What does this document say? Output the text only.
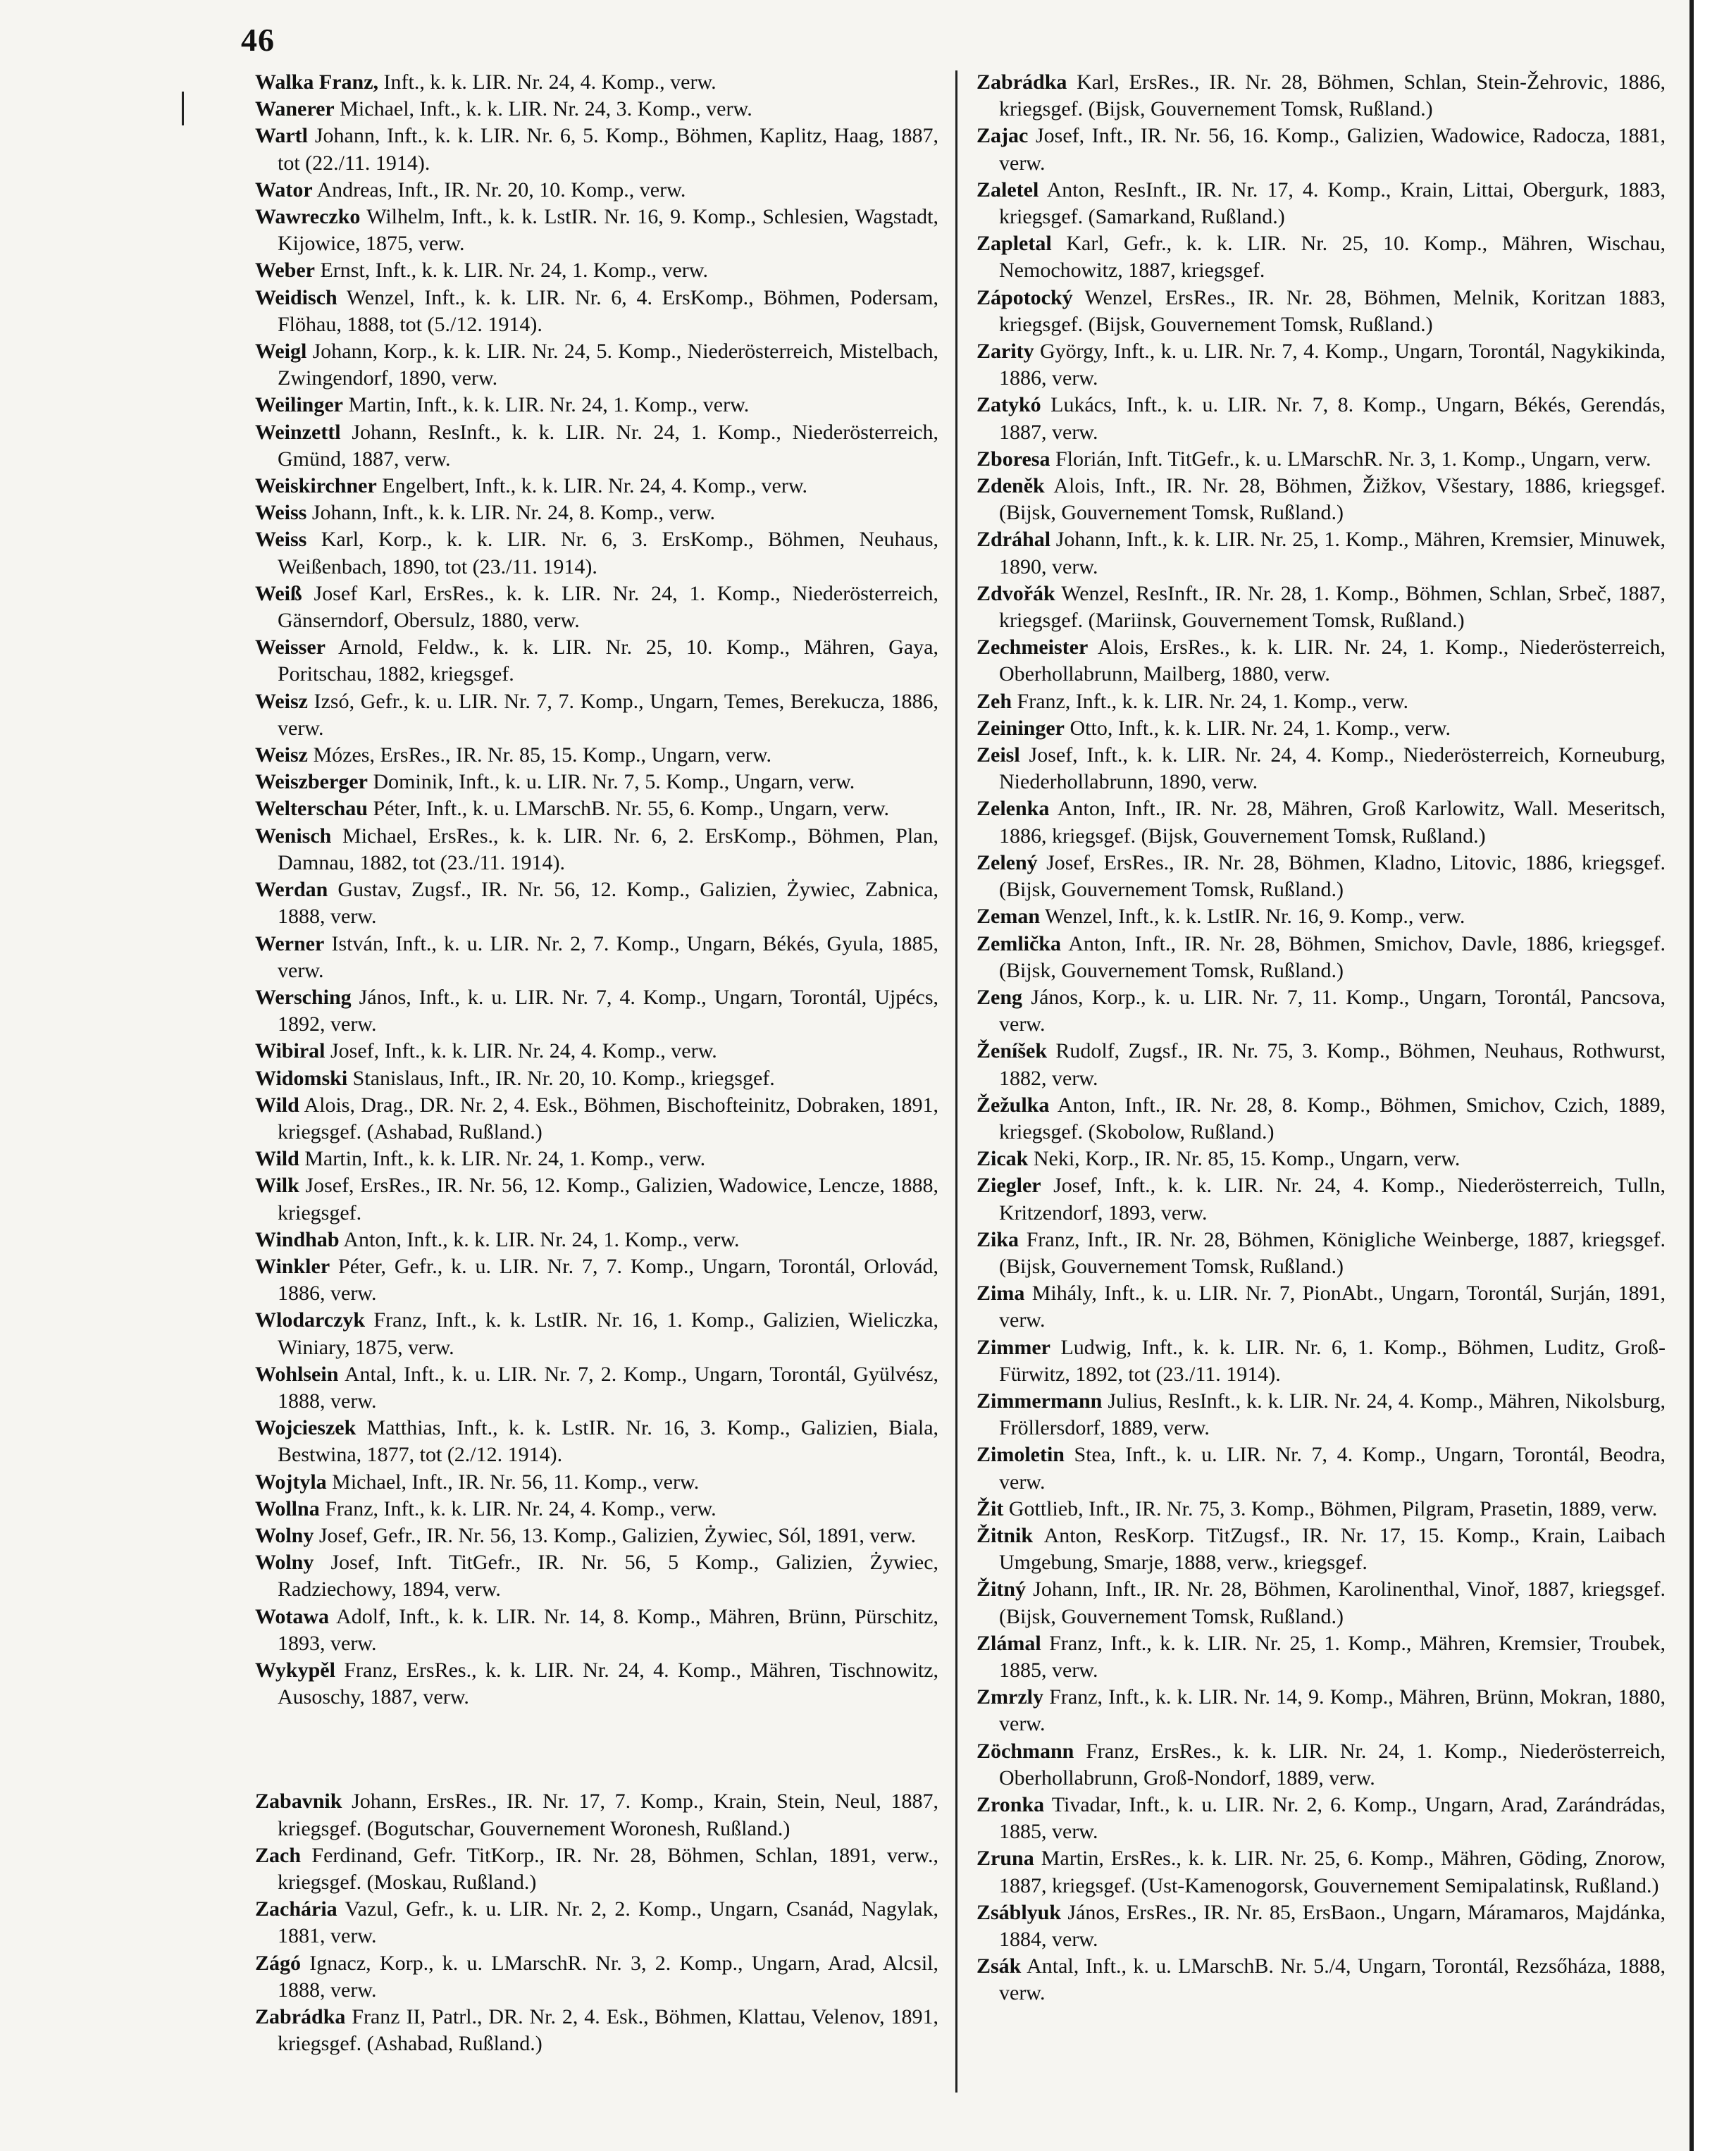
46

Walka Franz, Inft., k. k. LIR. Nr. 24, 4. Komp., verw.

Wanerer Michael, Inft., k. k. LIR. Nr. 24, 3. Komp., verw.

Wartl Johann, Inft., k. k. LIR. Nr. 6, 5. Komp., Böhmen, Kaplitz, Haag, 1887, tot (22./11. 1914).

Wator Andreas, Inft., IR. Nr. 20, 10. Komp., verw.

Wawreczko Wilhelm, Inft., k. k. LstIR. Nr. 16, 9. Komp., Schlesien, Wagstadt, Kijowice, 1875, verw.

Weber Ernst, Inft., k. k. LIR. Nr. 24, 1. Komp., verw.

Weidisch Wenzel, Inft., k. k. LIR. Nr. 6, 4. ErsKomp., Böhmen, Podersam, Flöhau, 1888, tot (5./12. 1914).

Weigl Johann, Korp., k. k. LIR. Nr. 24, 5. Komp., Niederösterreich, Mistelbach, Zwingendorf, 1890, verw.

Weilinger Martin, Inft., k. k. LIR. Nr. 24, 1. Komp., verw.

Weinzettl Johann, ResInft., k. k. LIR. Nr. 24, 1. Komp., Niederösterreich, Gmünd, 1887, verw.

Weiskirchner Engelbert, Inft., k. k. LIR. Nr. 24, 4. Komp., verw.

Weiss Johann, Inft., k. k. LIR. Nr. 24, 8. Komp., verw.

Weiss Karl, Korp., k. k. LIR. Nr. 6, 3. ErsKomp., Böhmen, Neuhaus, Weißenbach, 1890, tot (23./11. 1914).

Weiß Josef Karl, ErsRes., k. k. LIR. Nr. 24, 1. Komp., Niederösterreich, Gänserndorf, Obersulz, 1880, verw.

Weisser Arnold, Feldw., k. k. LIR. Nr. 25, 10. Komp., Mähren, Gaya, Poritschau, 1882, kriegsgef.

Weisz Izsó, Gefr., k. u. LIR. Nr. 7, 7. Komp., Ungarn, Temes, Berekucza, 1886, verw.

Weisz Mózes, ErsRes., IR. Nr. 85, 15. Komp., Ungarn, verw.

Weiszberger Dominik, Inft., k. u. LIR. Nr. 7, 5. Komp., Ungarn, verw.

Welterschau Péter, Inft., k. u. LMarschB. Nr. 55, 6. Komp., Ungarn, verw.

Wenisch Michael, ErsRes., k. k. LIR. Nr. 6, 2. ErsKomp., Böhmen, Plan, Damnau, 1882, tot (23./11. 1914).

Werdan Gustav, Zugsf., IR. Nr. 56, 12. Komp., Galizien, Żywiec, Zabnica, 1888, verw.

Werner István, Inft., k. u. LIR. Nr. 2, 7. Komp., Ungarn, Békés, Gyula, 1885, verw.

Wersching János, Inft., k. u. LIR. Nr. 7, 4. Komp., Ungarn, Torontál, Ujpécs, 1892, verw.

Wibiral Josef, Inft., k. k. LIR. Nr. 24, 4. Komp., verw.

Widomski Stanislaus, Inft., IR. Nr. 20, 10. Komp., kriegsgef.

Wild Alois, Drag., DR. Nr. 2, 4. Esk., Böhmen, Bischofteinitz, Dobraken, 1891, kriegsgef. (Ashabad, Rußland.)

Wild Martin, Inft., k. k. LIR. Nr. 24, 1. Komp., verw.

Wilk Josef, ErsRes., IR. Nr. 56, 12. Komp., Galizien, Wadowice, Lencze, 1888, kriegsgef.

Windhab Anton, Inft., k. k. LIR. Nr. 24, 1. Komp., verw.

Winkler Péter, Gefr., k. u. LIR. Nr. 7, 7. Komp., Ungarn, Torontál, Orlovád, 1886, verw.

Wlodarczyk Franz, Inft., k. k. LstIR. Nr. 16, 1. Komp., Galizien, Wieliczka, Winiary, 1875, verw.

Wohlsein Antal, Inft., k. u. LIR. Nr. 7, 2. Komp., Ungarn, Torontál, Gyülvész, 1888, verw.

Wojcieszek Matthias, Inft., k. k. LstIR. Nr. 16, 3. Komp., Galizien, Biala, Bestwina, 1877, tot (2./12. 1914).

Wojtyla Michael, Inft., IR. Nr. 56, 11. Komp., verw.

Wollna Franz, Inft., k. k. LIR. Nr. 24, 4. Komp., verw.

Wolny Josef, Gefr., IR. Nr. 56, 13. Komp., Galizien, Żywiec, Sól, 1891, verw.

Wolny Josef, Inft. TitGefr., IR. Nr. 56, 5 Komp., Galizien, Żywiec, Radziechowy, 1894, verw.

Wotawa Adolf, Inft., k. k. LIR. Nr. 14, 8. Komp., Mähren, Brünn, Pürschitz, 1893, verw.

Wykypěl Franz, ErsRes., k. k. LIR. Nr. 24, 4. Komp., Mähren, Tischnowitz, Ausoschy, 1887, verw.

Zabavnik Johann, ErsRes., IR. Nr. 17, 7. Komp., Krain, Stein, Neul, 1887, kriegsgef. (Bogutschar, Gouvernement Woronesh, Rußland.)

Zach Ferdinand, Gefr. TitKorp., IR. Nr. 28, Böhmen, Schlan, 1891, verw., kriegsgef. (Moskau, Rußland.)

Zachária Vazul, Gefr., k. u. LIR. Nr. 2, 2. Komp., Ungarn, Csanád, Nagylak, 1881, verw.

Zágó Ignacz, Korp., k. u. LMarschR. Nr. 3, 2. Komp., Ungarn, Arad, Alcsil, 1888, verw.

Zabrádka Franz II, Patrl., DR. Nr. 2, 4. Esk., Böhmen, Klattau, Velenov, 1891, kriegsgef. (Ashabad, Rußland.)

Zabrádka Karl, ErsRes., IR. Nr. 28, Böhmen, Schlan, Stein-Žehrovic, 1886, kriegsgef. (Bijsk, Gouvernement Tomsk, Rußland.)

Zajac Josef, Inft., IR. Nr. 56, 16. Komp., Galizien, Wadowice, Radocza, 1881, verw.

Zaletel Anton, ResInft., IR. Nr. 17, 4. Komp., Krain, Littai, Obergurk, 1883, kriegsgef. (Samarkand, Rußland.)

Zapletal Karl, Gefr., k. k. LIR. Nr. 25, 10. Komp., Mähren, Wischau, Nemochowitz, 1887, kriegsgef.

Zápotocký Wenzel, ErsRes., IR. Nr. 28, Böhmen, Melnik, Koritzan 1883, kriegsgef. (Bijsk, Gouvernement Tomsk, Rußland.)

Zarity György, Inft., k. u. LIR. Nr. 7, 4. Komp., Ungarn, Torontál, Nagykikinda, 1886, verw.

Zatykó Lukács, Inft., k. u. LIR. Nr. 7, 8. Komp., Ungarn, Békés, Gerendás, 1887, verw.

Zboresa Florián, Inft. TitGefr., k. u. LMarschR. Nr. 3, 1. Komp., Ungarn, verw.

Zdeněk Alois, Inft., IR. Nr. 28, Böhmen, Žižkov, Všestary, 1886, kriegsgef. (Bijsk, Gouvernement Tomsk, Rußland.)

Zdráhal Johann, Inft., k. k. LIR. Nr. 25, 1. Komp., Mähren, Kremsier, Minuwek, 1890, verw.

Zdvořák Wenzel, ResInft., IR. Nr. 28, 1. Komp., Böhmen, Schlan, Srbeč, 1887, kriegsgef. (Mariinsk, Gouvernement Tomsk, Rußland.)

Zechmeister Alois, ErsRes., k. k. LIR. Nr. 24, 1. Komp., Niederösterreich, Oberhollabrunn, Mailberg, 1880, verw.

Zeh Franz, Inft., k. k. LIR. Nr. 24, 1. Komp., verw.

Zeininger Otto, Inft., k. k. LIR. Nr. 24, 1. Komp., verw.

Zeisl Josef, Inft., k. k. LIR. Nr. 24, 4. Komp., Niederösterreich, Korneuburg, Niederhollabrunn, 1890, verw.

Zelenka Anton, Inft., IR. Nr. 28, Mähren, Groß Karlowitz, Wall. Meseritsch, 1886, kriegsgef. (Bijsk, Gouvernement Tomsk, Rußland.)

Zelený Josef, ErsRes., IR. Nr. 28, Böhmen, Kladno, Litovic, 1886, kriegsgef. (Bijsk, Gouvernement Tomsk, Rußland.)

Zeman Wenzel, Inft., k. k. LstIR. Nr. 16, 9. Komp., verw.

Zemlička Anton, Inft., IR. Nr. 28, Böhmen, Smichov, Davle, 1886, kriegsgef. (Bijsk, Gouvernement Tomsk, Rußland.)

Zeng János, Korp., k. u. LIR. Nr. 7, 11. Komp., Ungarn, Torontál, Pancsova, verw.

Ženíšek Rudolf, Zugsf., IR. Nr. 75, 3. Komp., Böhmen, Neuhaus, Rothwurst, 1882, verw.

Žežulka Anton, Inft., IR. Nr. 28, 8. Komp., Böhmen, Smichov, Czich, 1889, kriegsgef. (Skobolow, Rußland.)

Zicak Neki, Korp., IR. Nr. 85, 15. Komp., Ungarn, verw.

Ziegler Josef, Inft., k. k. LIR. Nr. 24, 4. Komp., Niederösterreich, Tulln, Kritzendorf, 1893, verw.

Zika Franz, Inft., IR. Nr. 28, Böhmen, Königliche Weinberge, 1887, kriegsgef. (Bijsk, Gouvernement Tomsk, Rußland.)

Zima Mihály, Inft., k. u. LIR. Nr. 7, PionAbt., Ungarn, Torontál, Surján, 1891, verw.

Zimmer Ludwig, Inft., k. k. LIR. Nr. 6, 1. Komp., Böhmen, Luditz, Groß-Fürwitz, 1892, tot (23./11. 1914).

Zimmermann Julius, ResInft., k. k. LIR. Nr. 24, 4. Komp., Mähren, Nikolsburg, Fröllersdorf, 1889, verw.

Zimoletin Stea, Inft., k. u. LIR. Nr. 7, 4. Komp., Ungarn, Torontál, Beodra, verw.

Žit Gottlieb, Inft., IR. Nr. 75, 3. Komp., Böhmen, Pilgram, Prasetin, 1889, verw.

Žitnik Anton, ResKorp. TitZugsf., IR. Nr. 17, 15. Komp., Krain, Laibach Umgebung, Smarje, 1888, verw., kriegsgef.

Žitný Johann, Inft., IR. Nr. 28, Böhmen, Karolinenthal, Vinoř, 1887, kriegsgef. (Bijsk, Gouvernement Tomsk, Rußland.)

Zlámal Franz, Inft., k. k. LIR. Nr. 25, 1. Komp., Mähren, Kremsier, Troubek, 1885, verw.

Zmrzly Franz, Inft., k. k. LIR. Nr. 14, 9. Komp., Mähren, Brünn, Mokran, 1880, verw.

Zöchmann Franz, ErsRes., k. k. LIR. Nr. 24, 1. Komp., Niederösterreich, Oberhollabrunn, Groß-Nondorf, 1889, verw.

Zronka Tivadar, Inft., k. u. LIR. Nr. 2, 6. Komp., Ungarn, Arad, Zarándrádas, 1885, verw.

Zruna Martin, ErsRes., k. k. LIR. Nr. 25, 6. Komp., Mähren, Göding, Znorow, 1887, kriegsgef. (Ust-Kamenogorsk, Gouvernement Semipalatinsk, Rußland.)

Zsáblyuk János, ErsRes., IR. Nr. 85, ErsBaon., Ungarn, Máramaros, Majdánka, 1884, verw.

Zsák Antal, Inft., k. u. LMarschB. Nr. 5./4, Ungarn, Torontál, Rezsőháza, 1888, verw.
